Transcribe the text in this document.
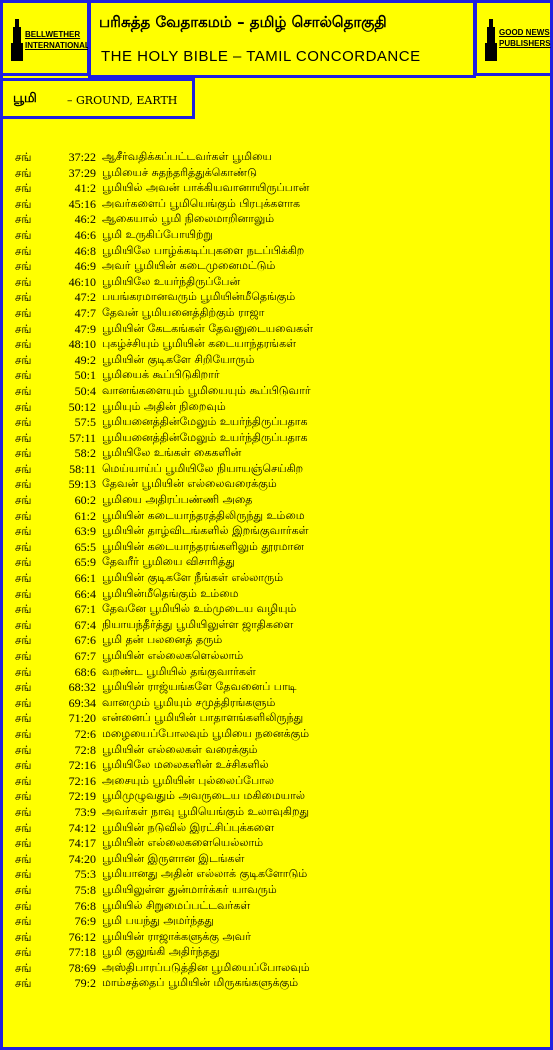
BELLWETHER INTERNATIONAL
பரிசுத்த வேதாகமம் – தமிழ் சொல்தொகுதி
THE HOLY BIBLE – TAMIL CONCORDANCE
GOOD NEWS PUBLISHERS
பூமி	– GROUND, EARTH
சங்	37:22 ஆசீர்வதிக்கப்பட்டவர்கள் பூமியை
சங்	37:29 பூமியைச் சுதந்தரித்துக்கொண்டு
சங்	41:2 பூமியில் அவன் பாக்கியவானாயிருப்பான்
சங்	45:16 அவர்களைப் பூமியெங்கும் பிரபுக்களாக
சங்	46:2 ஆகையால் பூமி நிலைமாறினாலும்
சங்	46:6 பூமி உருகிப்போயிற்று
சங்	46:8 பூமியிலே பாழ்க்கடிப்புகளை நடப்பிக்கிற
சங்	46:9 அவர் பூமியின் கடைமுனைமட்டும்
சங்	46:10 பூமியிலே உயர்ந்திருப்பேன்
சங்	47:2 பயங்கரமானவரும் பூமியின்மீதெங்கும்
சங்	47:7 தேவன் பூமியனைத்திற்கும் ராஜா
சங்	47:9 பூமியின் கேடகங்கள் தேவனுடையவைகள்
சங்	48:10 புகழ்ச்சியும் பூமியின் கடையாந்தரங்கள்
சங்	49:2 பூமியின் குடிகளே சிறியோரும்
சங்	50:1 பூமியைக் கூப்பிடுகிறார்
சங்	50:4 வானங்களையும் பூமியையும் கூப்பிடுவார்
சங்	50:12 பூமியும் அதின் நிறைவும்
சங்	57:5 பூமியனைத்தின்மேலும் உயர்ந்திருப்பதாக
சங்	57:11 பூமியனைத்தின்மேலும் உயர்ந்திருப்பதாக
சங்	58:2 பூமியிலே உங்கள் கைகளின்
சங்	58:11 மெய்யாய்ப் பூமியிலே நியாயஞ்செய்கிற
சங்	59:13 தேவன் பூமியின் எல்லைவரைக்கும்
சங்	60:2 பூமியை அதிரப்பண்ணி அதை
சங்	61:2 பூமியின் கடையாந்தரத்திலிருந்து உம்மை
சங்	63:9 பூமியின் தாழ்விடங்களில் இறங்குவார்கள்
சங்	65:5 பூமியின் கடையாந்தரங்களிலும் தூரமான
சங்	65:9 தேவரீர் பூமியை விசாரித்து
சங்	66:1 பூமியின் குடிகளே நீங்கள் எல்லாரும்
சங்	66:4 பூமியின்மீதெங்கும் உம்மை
சங்	67:1 தேவனே பூமியில் உம்முடைய வழியும்
சங்	67:4 நியாயந்தீர்த்து பூமியிலுள்ள ஜாதிகளை
சங்	67:6 பூமி தன் பலனைத் தரும்
சங்	67:7 பூமியின் எல்லைகளெல்லாம்
சங்	68:6 வறண்ட பூமியில் தங்குவார்கள்
சங்	68:32 பூமியின் ராஜ்யங்களே தேவனைப் பாடி
சங்	69:34 வானமும் பூமியும் சமுத்திரங்களும்
சங்	71:20 என்னைப் பூமியின் பாதாளங்களிலிருந்து
சங்	72:6 மழையைப்போலவும் பூமியை நனைக்கும்
சங்	72:8 பூமியின் எல்லைகள் வரைக்கும்
சங்	72:16 பூமியிலே மலைகளின் உச்சிகளில்
சங்	72:16 அசையும் பூமியின் புல்லைப்போல
சங்	72:19 பூமிமுழுவதும் அவருடைய மகிமையால்
சங்	73:9 அவர்கள் நாவு பூமியெங்கும் உலாவுகிறது
சங்	74:12 பூமியின் நடுவில் இரட்சிப்புக்களை
சங்	74:17 பூமியின் எல்லைகளையெல்லாம்
சங்	74:20 பூமியின் இருளான இடங்கள்
சங்	75:3 பூமியானது அதின் எல்லாக் குடிகளோடும்
சங்	75:8 பூமியிலுள்ள துன்மார்க்கர் யாவரும்
சங்	76:8 பூமியில் சிறுமைப்பட்டவர்கள்
சங்	76:9 பூமி பயந்து அமர்ந்தது
சங்	76:12 பூமியின் ராஜாக்களுக்கு அவர்
சங்	77:18 பூமி குலுங்கி அதிர்ந்தது
சங்	78:69 அஸ்திபாரப்படுத்தின பூமியைப்போலவும்
சங்	79:2 மாம்சத்தைப் பூமியின் மிருகங்களுக்கும்
